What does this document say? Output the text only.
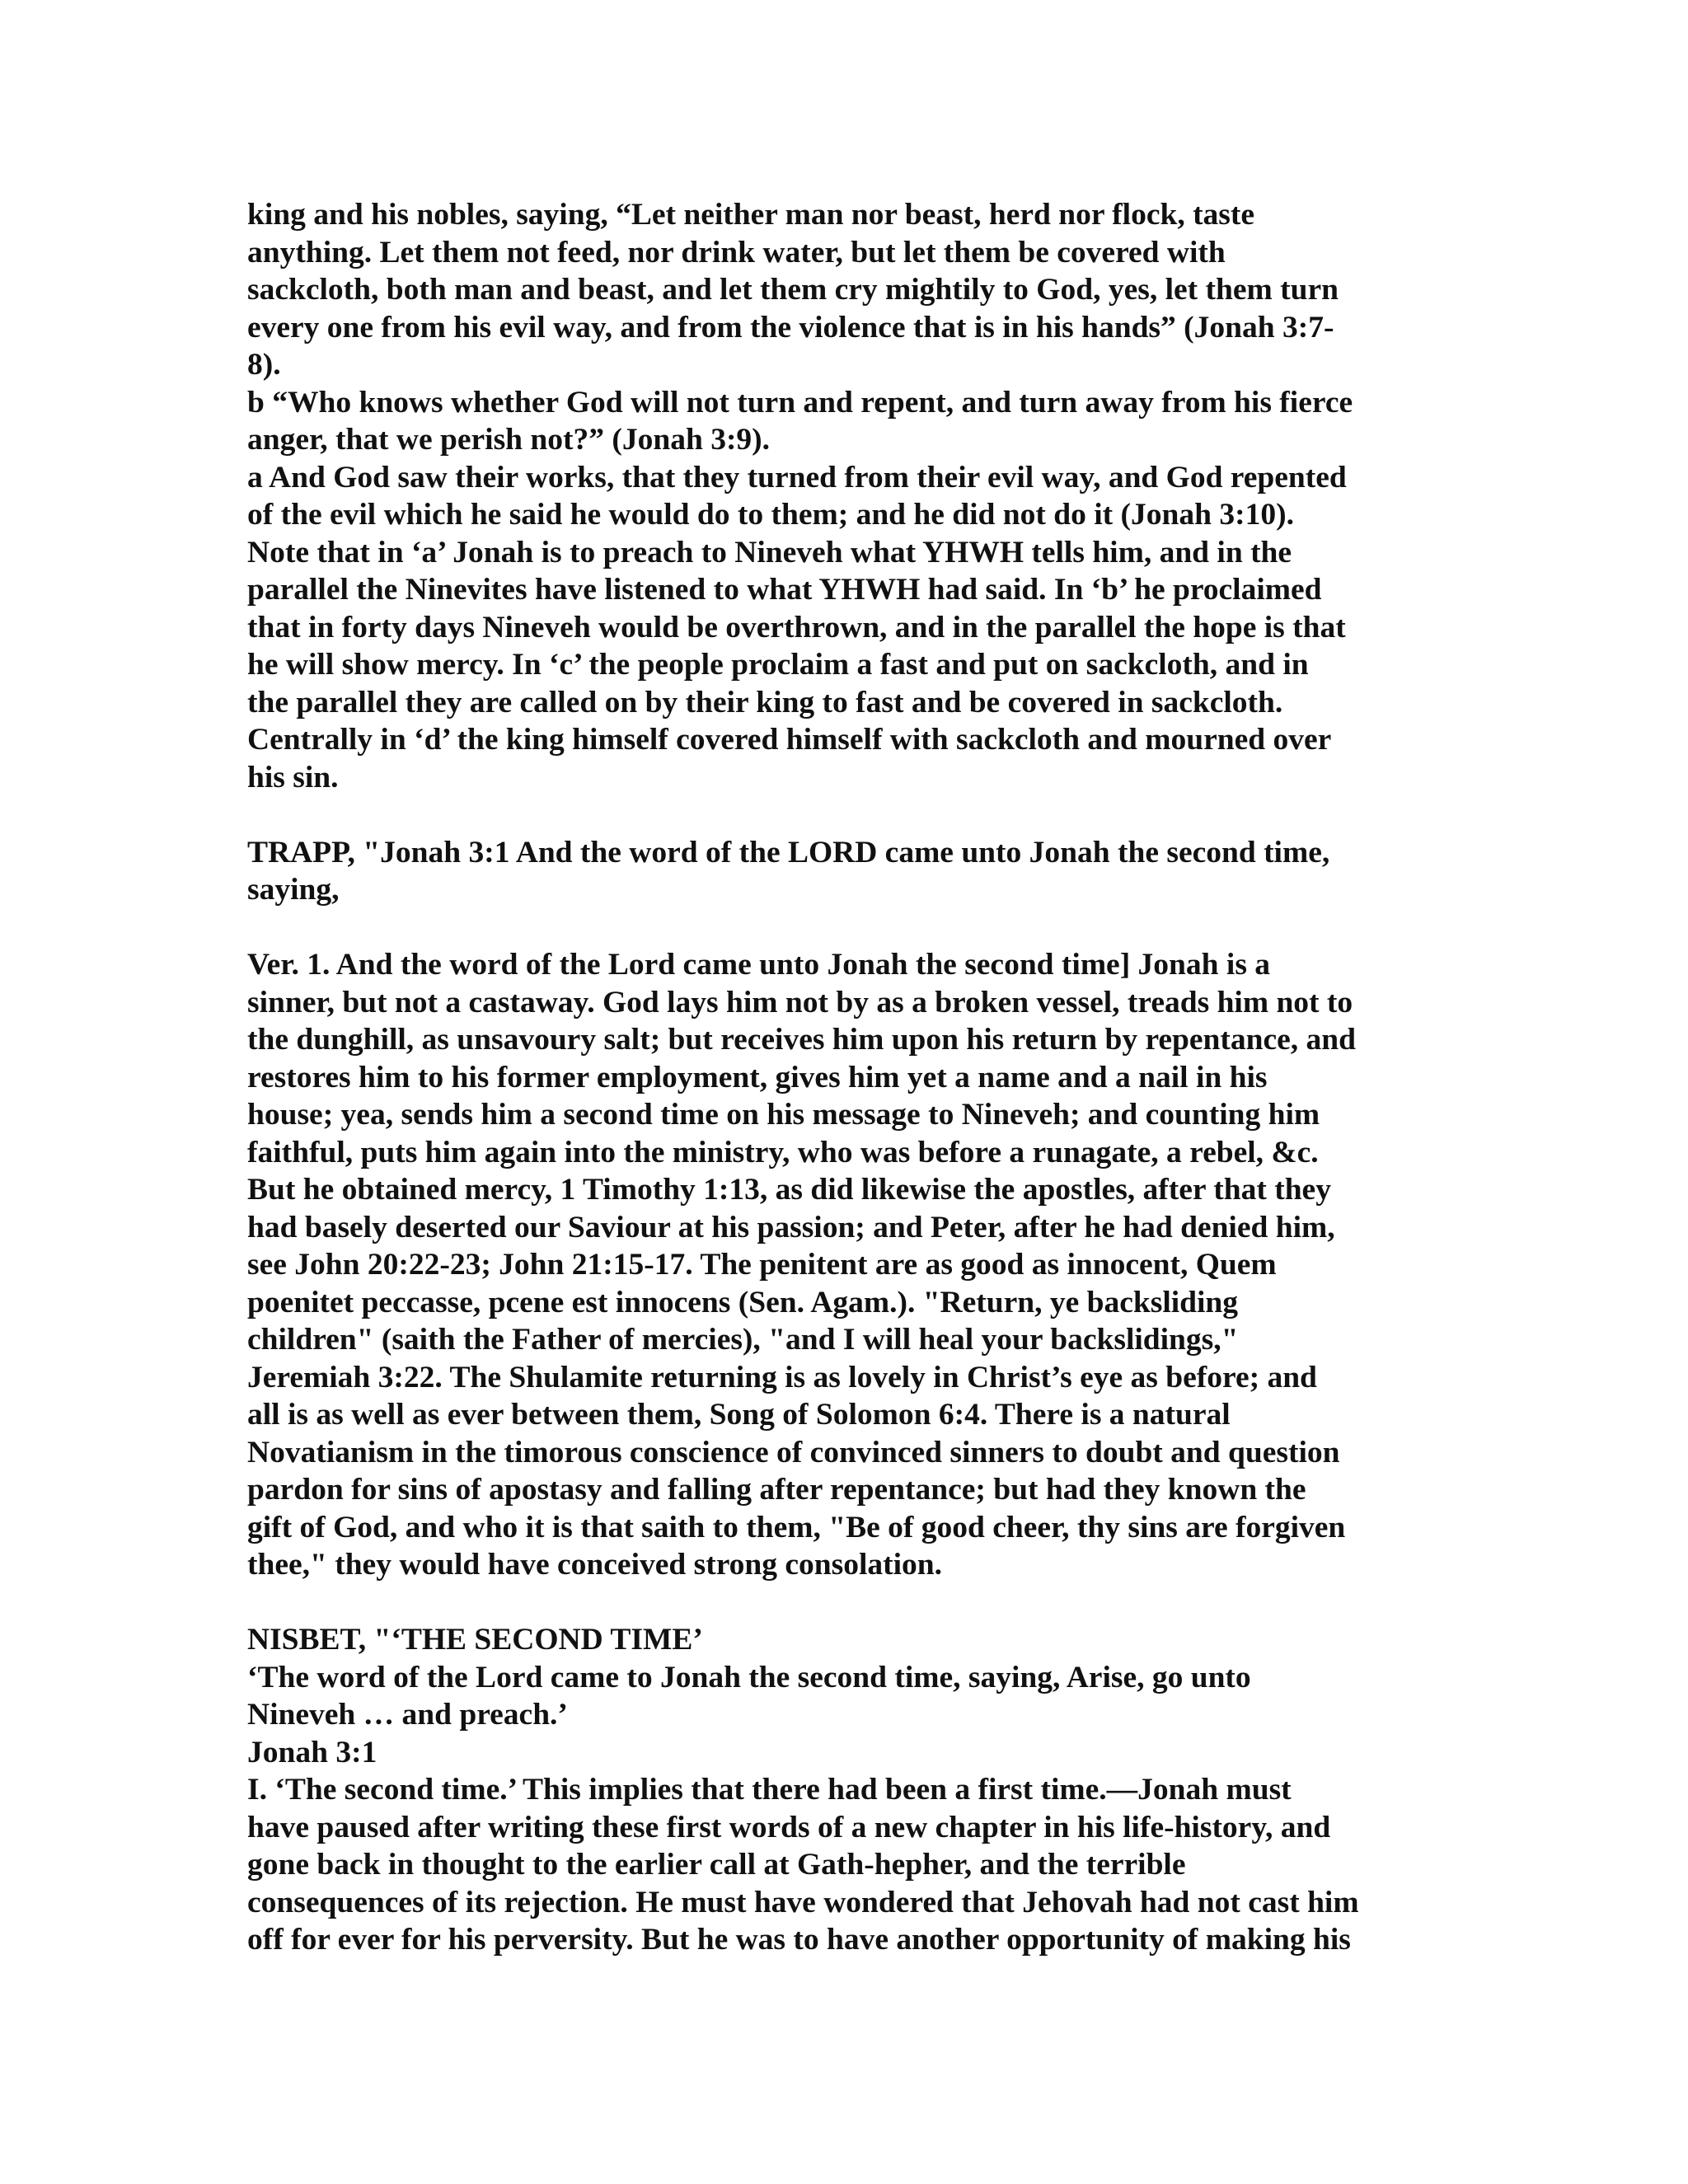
king and his nobles, saying, “Let neither man nor beast, herd nor flock, taste
anything. Let them not feed, nor drink water, but let them be covered with
sackcloth, both man and beast, and let them cry mightily to God, yes, let them turn
every one from his evil way, and from the violence that is in his hands” (Jonah 3:7-
8).
b “Who knows whether God will not turn and repent, and turn away from his fierce
anger, that we perish not?” (Jonah 3:9).
a And God saw their works, that they turned from their evil way, and God repented
of the evil which he said he would do to them; and he did not do it (Jonah 3:10).
Note that in ‘a’ Jonah is to preach to Nineveh what YHWH tells him, and in the
parallel the Ninevites have listened to what YHWH had said. In ‘b’ he proclaimed
that in forty days Nineveh would be overthrown, and in the parallel the hope is that
he will show mercy. In ‘c’ the people proclaim a fast and put on sackcloth, and in
the parallel they are called on by their king to fast and be covered in sackcloth.
Centrally in ‘d’ the king himself covered himself with sackcloth and mourned over
his sin.
TRAPP, "Jonah 3:1 And the word of the LORD came unto Jonah the second time,
saying,
Ver. 1. And the word of the Lord came unto Jonah the second time] Jonah is a
sinner, but not a castaway. God lays him not by as a broken vessel, treads him not to
the dunghill, as unsavoury salt; but receives him upon his return by repentance, and
restores him to his former employment, gives him yet a name and a nail in his
house; yea, sends him a second time on his message to Nineveh; and counting him
faithful, puts him again into the ministry, who was before a runagate, a rebel, &c.
But he obtained mercy, 1 Timothy 1:13, as did likewise the apostles, after that they
had basely deserted our Saviour at his passion; and Peter, after he had denied him,
see John 20:22-23; John 21:15-17. The penitent are as good as innocent, Quem
poenitet peccasse, pcene est innocens (Sen. Agam.). "Return, ye backsliding
children" (saith the Father of mercies), "and I will heal your backslidings,"
Jeremiah 3:22. The Shulamite returning is as lovely in Christ’s eye as before; and
all is as well as ever between them, Song of Solomon 6:4. There is a natural
Novatianism in the timorous conscience of convinced sinners to doubt and question
pardon for sins of apostasy and falling after repentance; but had they known the
gift of God, and who it is that saith to them, "Be of good cheer, thy sins are forgiven
thee," they would have conceived strong consolation.
NISBET, "‘THE SECOND TIME’
‘The word of the Lord came to Jonah the second time, saying, Arise, go unto
Nineveh … and preach.’
Jonah 3:1
I. ‘The second time.’ This implies that there had been a first time.—Jonah must
have paused after writing these first words of a new chapter in his life-history, and
gone back in thought to the earlier call at Gath-hepher, and the terrible
consequences of its rejection. He must have wondered that Jehovah had not cast him
off for ever for his perversity. But he was to have another opportunity of making his
